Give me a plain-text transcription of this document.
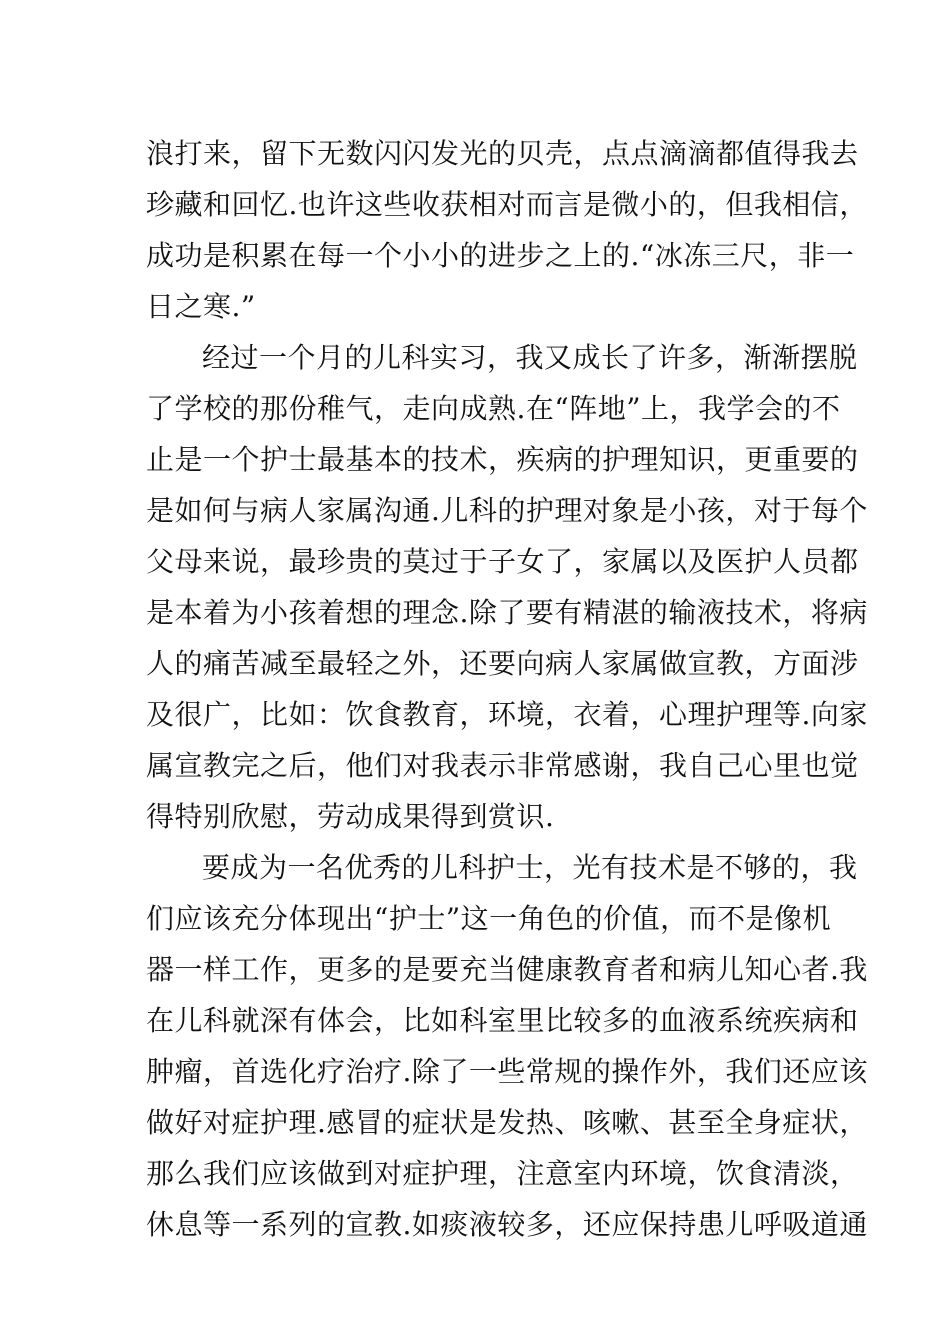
浪打来，留下无数闪闪发光的贝壳，点点滴滴都值得我去
珍藏和回忆.也许这些收获相对而言是微小的，但我相信，
成功是积累在每一个小小的进步之上的.“冰冻三尺，非一
日之寒.”
经过一个月的儿科实习，我又成长了许多，渐渐摆脱
了学校的那份稚气，走向成熟.在“阵地”上，我学会的不
止是一个护士最基本的技术，疾病的护理知识，更重要的
是如何与病人家属沟通.儿科的护理对象是小孩，对于每个
父母来说，最珍贵的莫过于子女了，家属以及医护人员都
是本着为小孩着想的理念.除了要有精湛的输液技术，将病
人的痛苦减至最轻之外，还要向病人家属做宣教，方面涉
及很广，比如：饮食教育，环境，衣着，心理护理等.向家
属宣教完之后，他们对我表示非常感谢，我自己心里也觉
得特别欣慰，劳动成果得到赏识.
要成为一名优秀的儿科护士，光有技术是不够的，我
们应该充分体现出“护士”这一角色的价值，而不是像机
器一样工作，更多的是要充当健康教育者和病儿知心者.我
在儿科就深有体会，比如科室里比较多的血液系统疾病和
肿瘤，首选化疗治疗.除了一些常规的操作外，我们还应该
做好对症护理.感冒的症状是发热、咳嗽、甚至全身症状，
那么我们应该做到对症护理，注意室内环境，饮食清淡，
休息等一系列的宣教.如痰液较多，还应保持患儿呼吸道通
